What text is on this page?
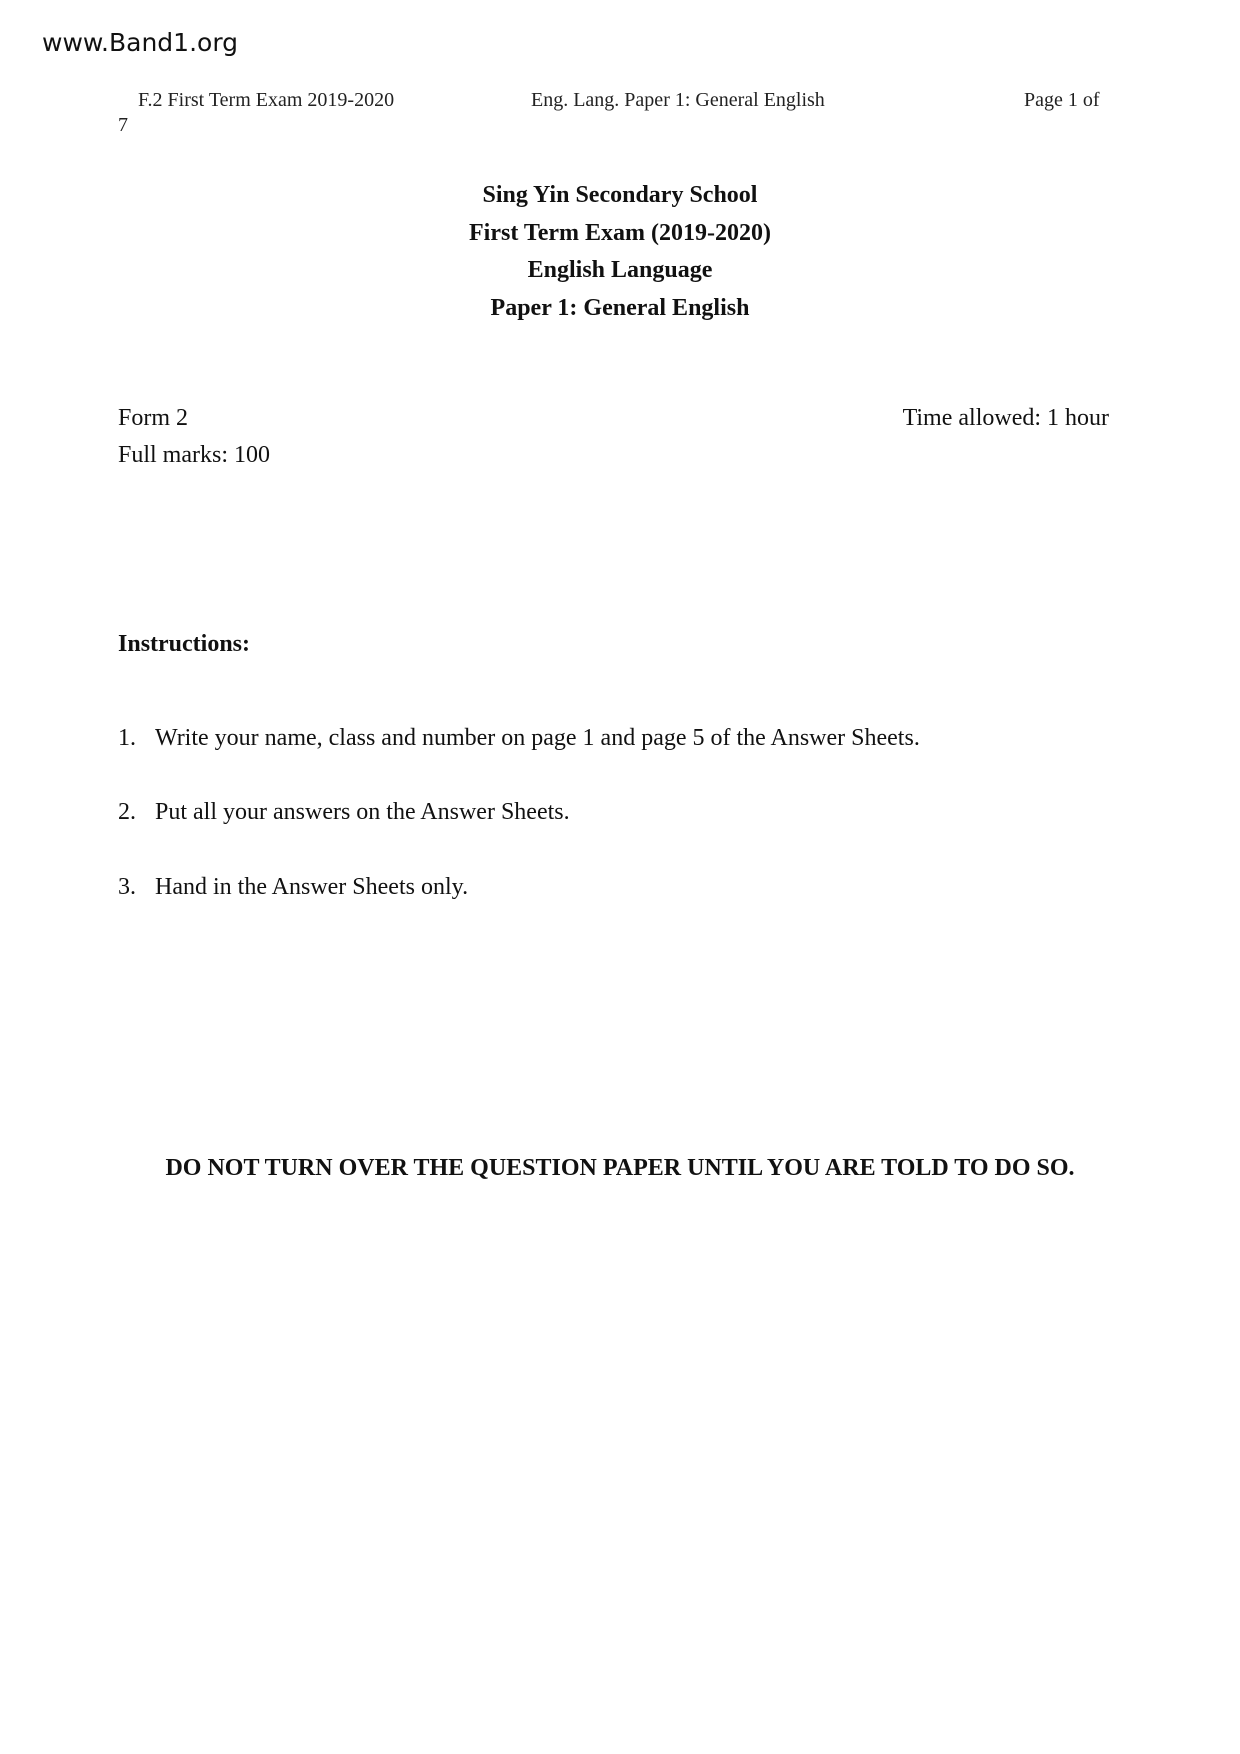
www.Band1.org
F.2 First Term Exam 2019-2020	Eng. Lang. Paper 1: General English	Page 1 of
7
Sing Yin Secondary School
First Term Exam (2019-2020)
English Language
Paper 1: General English
Form 2
Full marks: 100
Time allowed: 1 hour
Instructions:
1. Write your name, class and number on page 1 and page 5 of the Answer Sheets.
2. Put all your answers on the Answer Sheets.
3. Hand in the Answer Sheets only.
DO NOT TURN OVER THE QUESTION PAPER UNTIL YOU ARE TOLD TO DO SO.
